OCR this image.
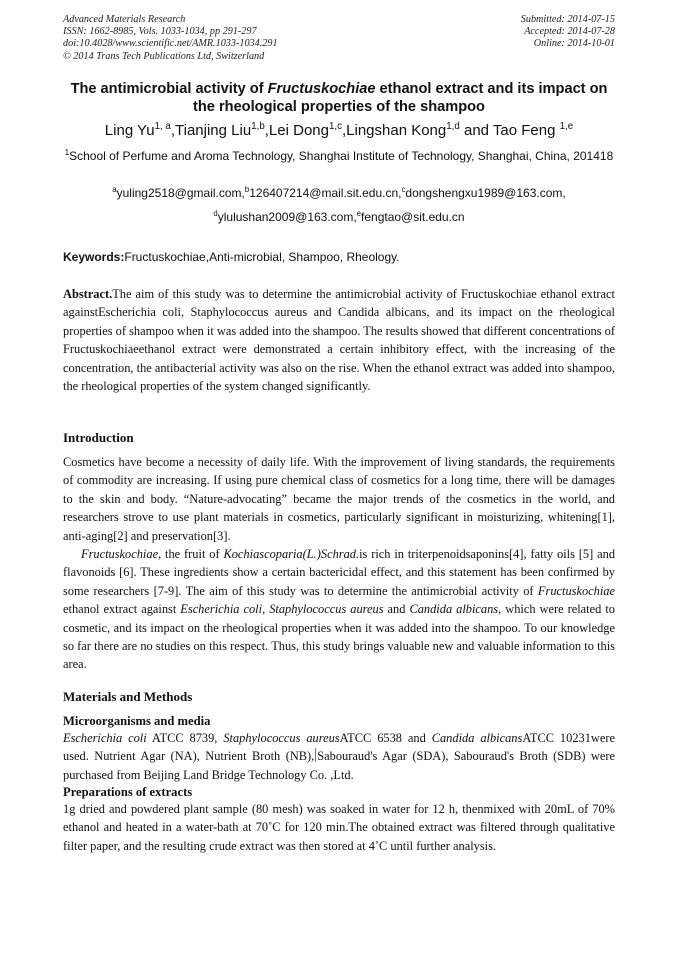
Advanced Materials Research
ISSN: 1662-8985, Vols. 1033-1034, pp 291-297
doi:10.4028/www.scientific.net/AMR.1033-1034.291
© 2014 Trans Tech Publications Ltd, Switzerland
Submitted: 2014-07-15
Accepted: 2014-07-28
Online: 2014-10-01
The antimicrobial activity of Fructuskochiae ethanol extract and its impact on the rheological properties of the shampoo
Ling Yu$^{1, a}$,Tianjing Liu$^{1,b}$,Lei Dong$^{1,c}$,Lingshan Kong$^{1,d}$ and Tao Feng $^{1,e}$
$^1$School of Perfume and Aroma Technology, Shanghai Institute of Technology, Shanghai, China, 201418
$^a$yuling2518@gmail.com,$^b$126407214@mail.sit.edu.cn,$^c$dongshengxu1989@163.com,
$^d$ylulushan2009@163.com,$^e$fengtao@sit.edu.cn
Keywords:Fructuskochiae,Anti-microbial, Shampoo, Rheology.
Abstract.The aim of this study was to determine the antimicrobial activity of Fructuskochiae ethanol extract againstEscherichia coli, Staphylococcus aureus and Candida albicans, and its impact on the rheological properties of shampoo when it was added into the shampoo. The results showed that different concentrations of Fructuskochiaeethanol extract were demonstrated a certain inhibitory effect, with the increasing of the concentration, the antibacterial activity was also on the rise. When the ethanol extract was added into shampoo, the rheological properties of the system changed significantly.
Introduction
Cosmetics have become a necessity of daily life. With the improvement of living standards, the requirements of commodity are increasing. If using pure chemical class of cosmetics for a long time, there will be damages to the skin and body. “Nature-advocating” became the major trends of the cosmetics in the world, and researchers strove to use plant materials in cosmetics, particularly significant in moisturizing, whitening[1], anti-aging[2] and preservation[3].
Fructuskochiae, the fruit of Kochiascoparia(L.)Schrad.is rich in triterpenoidsaponins[4], fatty oils [5] and flavonoids [6]. These ingredients show a certain bactericidal effect, and this statement has been confirmed by some researchers [7-9]. The aim of this study was to determine the antimicrobial activity of Fructuskochiae ethanol extract against Escherichia coli, Staphylococcus aureus and Candida albicans, which were related to cosmetic, and its impact on the rheological properties when it was added into the shampoo. To our knowledge so far there are no studies on this respect. Thus, this study brings valuable new and valuable information to this area.
Materials and Methods
Microorganisms and media
Escherichia coli ATCC 8739, Staphylococcus aureusATCC 6538 and Candida albicansATCC 10231were used. Nutrient Agar (NA), Nutrient Broth (NB), Sabouraud's Agar (SDA), Sabouraud's Broth (SDB) were purchased from Beijing Land Bridge Technology Co. ,Ltd.
Preparations of extracts
1g dried and powdered plant sample (80 mesh) was soaked in water for 12 h, thenmixed with 20mL of 70% ethanol and heated in a water-bath at 70˚C for 120 min.The obtained extract was filtered through qualitative filter paper, and the resulting crude extract was then stored at 4˚C until further analysis.
